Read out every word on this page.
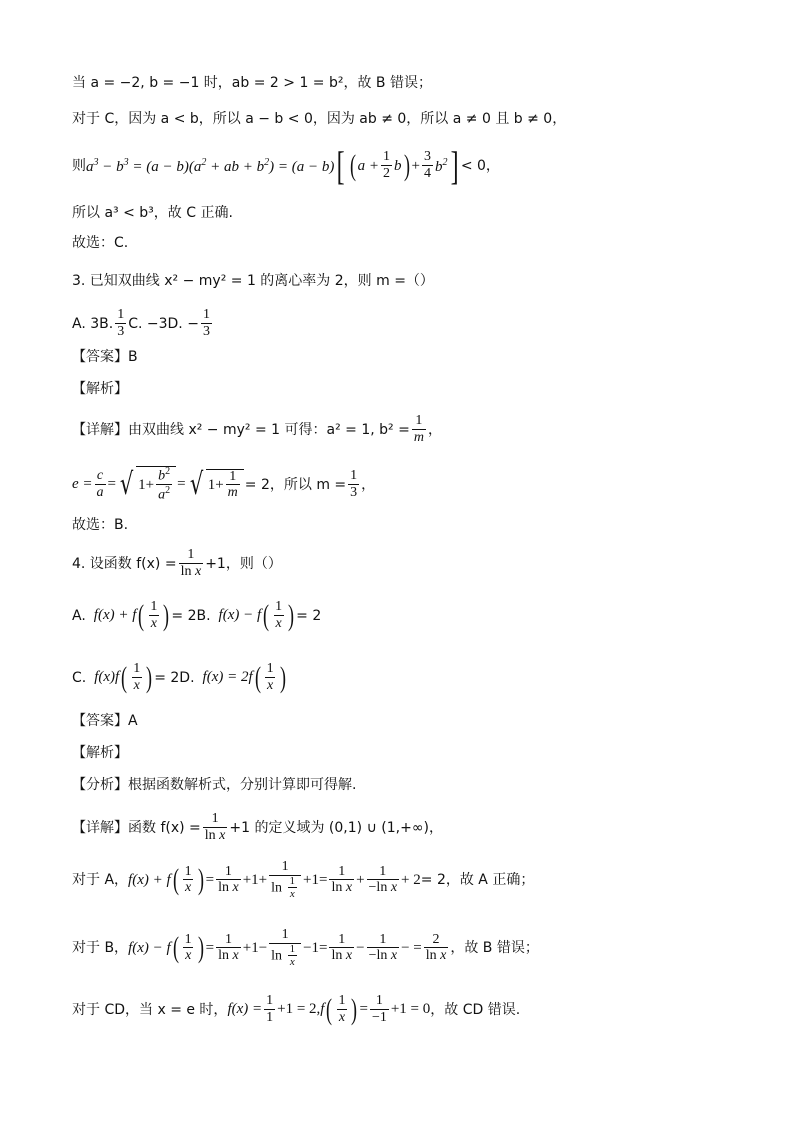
当 a = −2, b = −1 时，ab = 2 > 1 = b²，故 B 错误；
对于 C，因为 a < b，所以 a − b < 0，因为 ab ≠ 0，所以 a ≠ 0 且 b ≠ 0，
则 $a^3 - b^3 = (a - b)(a^2$ + ab + $b^2) = (a - b)$ [ ( $a + \frac{1}{2}$ b ) + $\frac{3}{4} b^2$ ] < 0，
所以 a³ < b³，故 C 正确.
故选：C.
3. 已知双曲线 x² − my² = 1 的离心率为 2，则 m =（）
A. 3B. $\frac{1}{3} C$. −3D. − $\frac{1}{3}$
【答案】 B
【解析】
【详解】 由双曲线 x² − my² = 1 可得：a² = 1, $b^2 = \frac{1}{m}$ ，
$e = \frac{c}{a}$ = √ $1+ \frac{b^2}{a^2}$ = √ $1+ \frac{1}{m} = 2$，所以 $m = \frac{1}{3}$ ，
故选：B.
4. 设函数 $f(x) = \frac{1}{\text{ln x}} +1$，则（）
A. f(x) + f ( $\frac{1}{x}$ ) = 2B. f(x) − f ( $\frac{1}{x}$ ) = 2
C. f(x)f ( $\frac{1}{x}$ ) = 2D. f(x) = 2f ( $\frac{1}{x}$ )
【答案】 A
【解析】
【分析】 根据函数解析式，分别计算即可得解.
【详解】 函数 $f(x) = \frac{1}{\text{ln x}} +1$ 的定义域为 (0,1) ∪ (1,+∞)，
对于 A， f(x) + f ( $\frac{1}{x}$ ) = $\frac{1}{\text{ln x}} +1+ \frac{1}{\ln \frac{1}{x}} +1= \frac{1}{\text{ln x}} + \frac{1}{\text{−ln x}} + 2 = 2$，故 A 正确；
对于 B， f(x) − f ( $\frac{1}{x}$ ) = $\frac{1}{\text{ln x}} +1- \frac{1}{\ln \frac{1}{x}} -1= \frac{1}{\text{ln x}} - \frac{1}{\text{−ln x}}$ − = $\frac{2}{\text{ln x}}$ ，故 B 错误；
对于 CD，当 x = e 时， $f(x) = \frac{1}{1} +1 = 2$, f ( $\frac{1}{x}$ ) = $\frac{1}{-1} +1 = 0$ ，故 CD 错误.
